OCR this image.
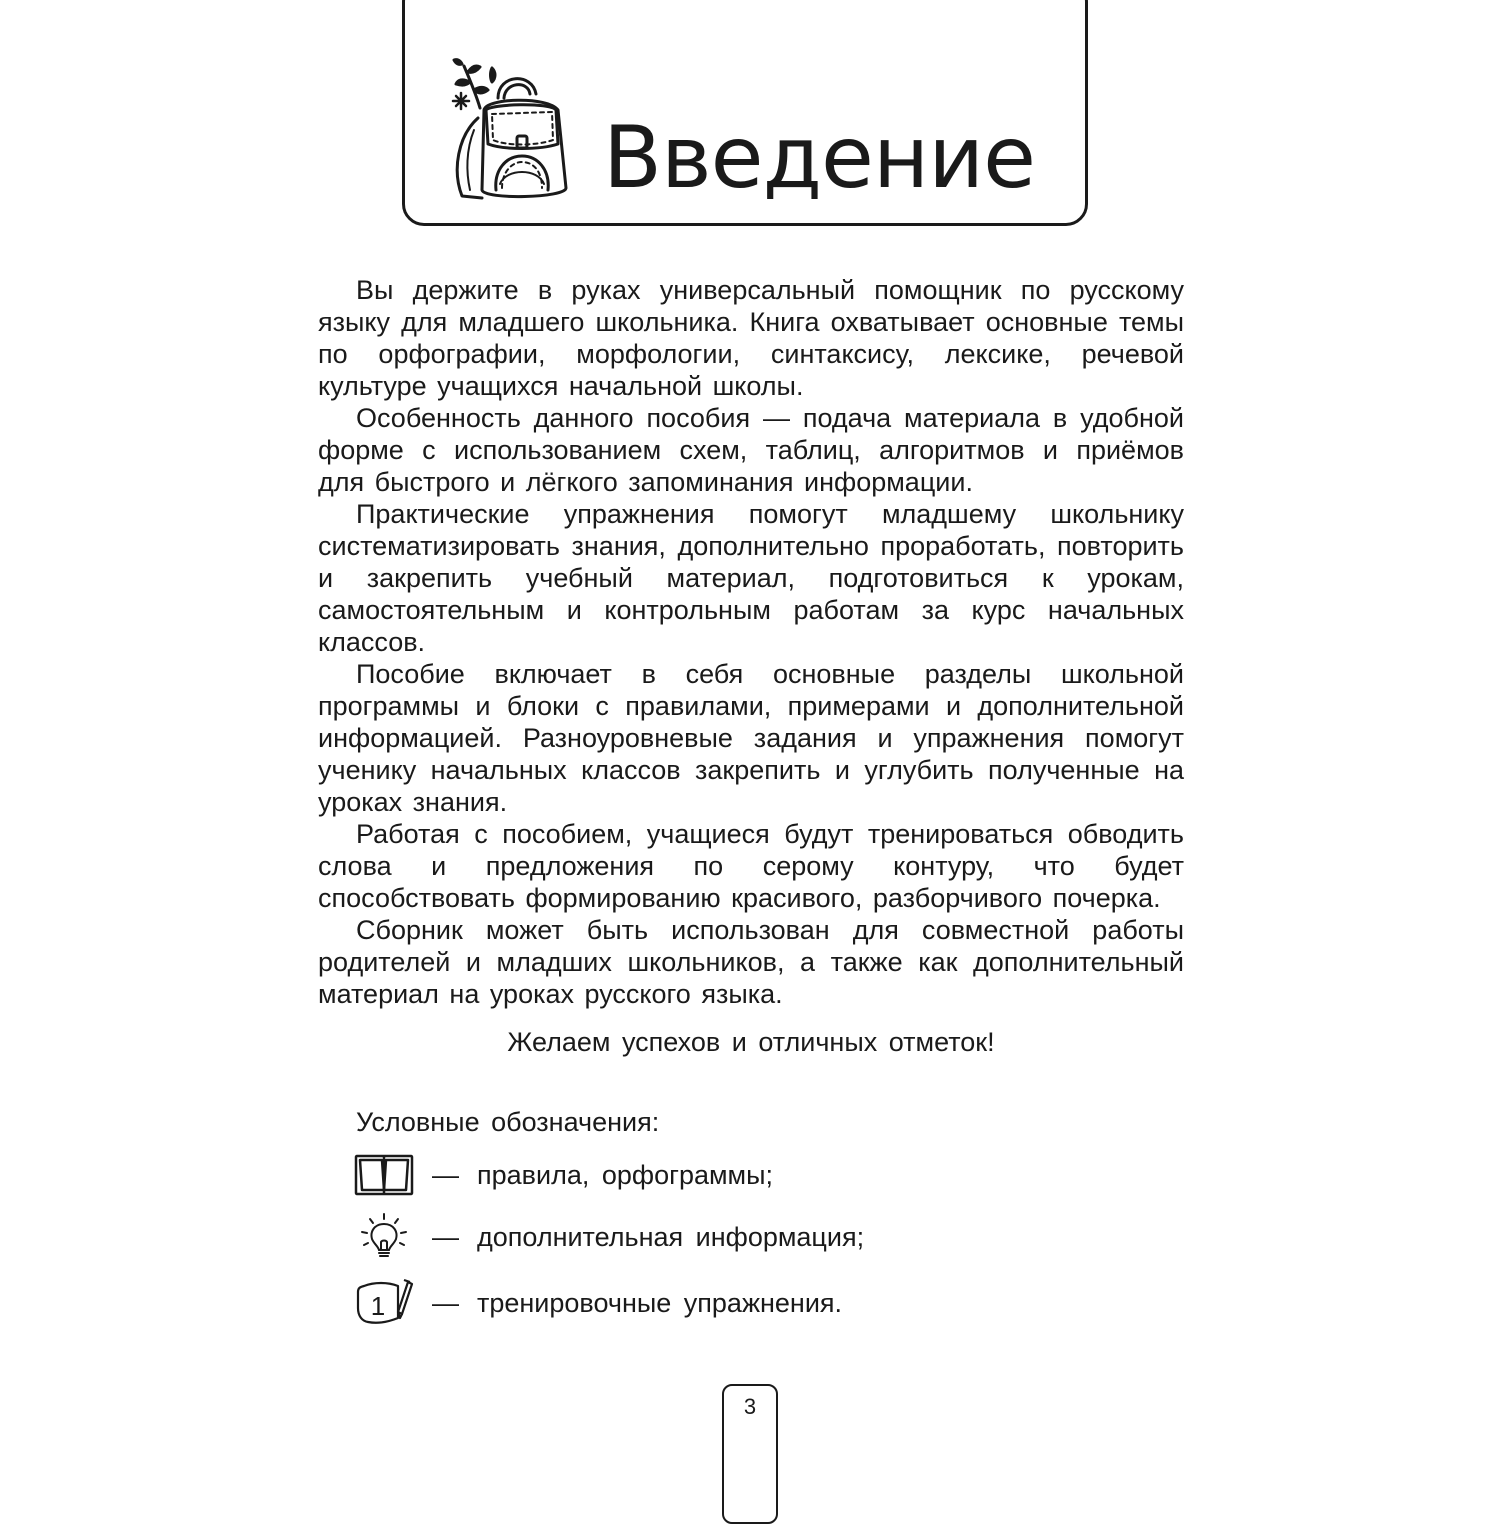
Введение

Вы держите в руках универсальный помощник по русскому языку для младшего школьника. Книга охватывает основные темы по орфографии, морфологии, синтаксису, лексике, речевой культуре учащихся начальной школы.

Особенность данного пособия — подача материала в удобной форме с использованием схем, таблиц, алгоритмов и приёмов для быстрого и лёгкого запоминания информации.

Практические упражнения помогут младшему школьнику систематизировать знания, дополнительно проработать, повторить и закрепить учебный материал, подготовиться к урокам, самостоятельным и контрольным работам за курс начальных классов.

Пособие включает в себя основные разделы школьной программы и блоки с правилами, примерами и дополнительной информацией. Разноуровневые задания и упражнения помогут ученику начальных классов закрепить и углубить полученные на уроках знания.

Работая с пособием, учащиеся будут тренироваться обводить слова и предложения по серому контуру, что будет способствовать формированию красивого, разборчивого почерка.

Сборник может быть использован для совместной работы родителей и младших школьников, а также как дополнительный материал на уроках русского языка.

Желаем успехов и отличных отметок!
Условные обозначения:
— правила, орфограммы;
— дополнительная информация;
1 — тренировочные упражнения.
3
